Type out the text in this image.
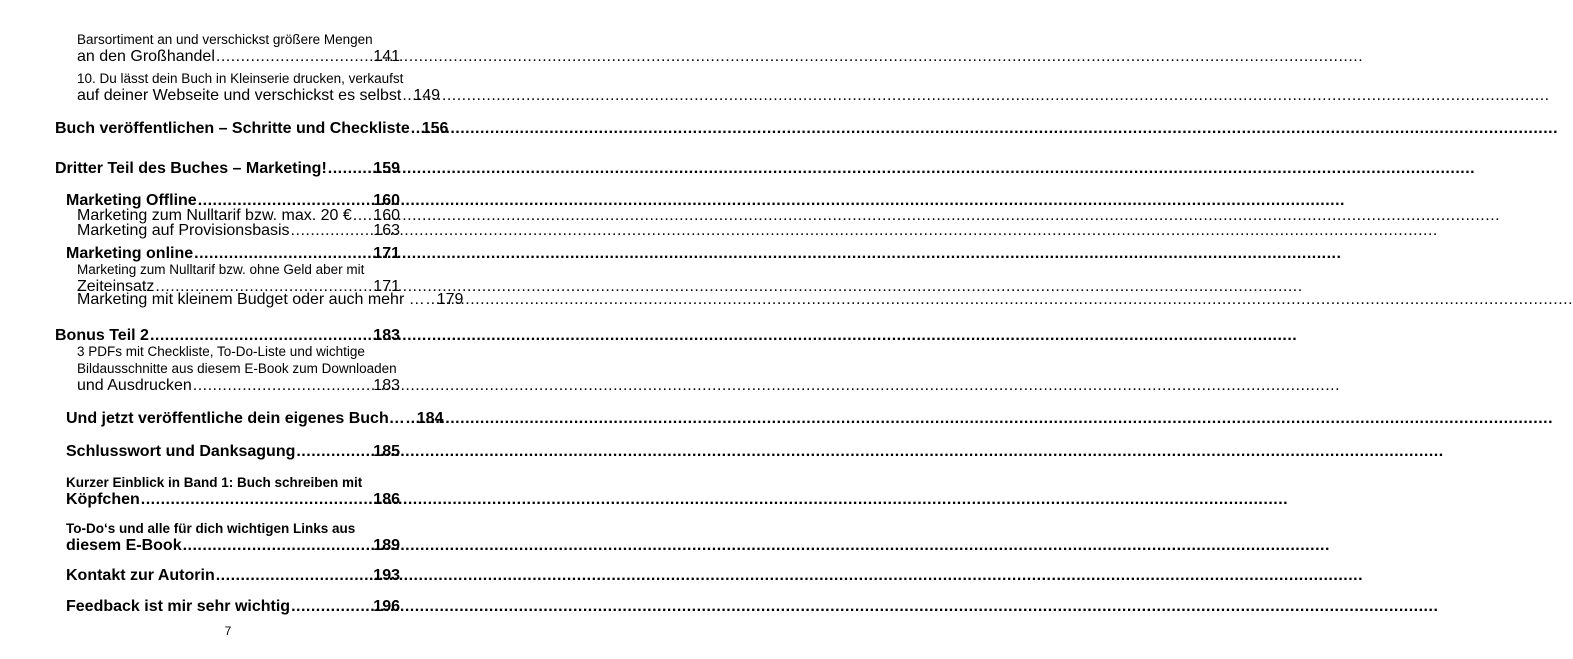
Barsortiment an und verschickst größere Mengen
an den Großhandel .....	141
10. Du lässt dein Buch in Kleinserie drucken, verkaufst
auf deiner Webseite und verschickst es selbst ..... 149
Buch veröffentlichen – Schritte und Checkliste ..... 156
Dritter Teil des Buches – Marketing! .....	159
Marketing Offline .....	160
Marketing zum Nulltarif bzw. max. 20 € ..... 160
Marketing auf Provisionsbasis .....	163
Marketing online .....	171
Marketing zum Nulltarif bzw. ohne Geld aber mit
Zeiteinsatz .....	171
Marketing mit kleinem Budget oder auch mehr … ..... 179
Bonus Teil 2 .....	183
3 PDFs mit Checkliste, To-Do-Liste und wichtige
Bildausschnitte aus diesem E-Book zum Downloaden
und Ausdrucken .....	183
Und jetzt veröffentliche dein eigenes Buch… ..... 184
Schlusswort und Danksagung .....	185
Kurzer Einblick in Band 1: Buch schreiben mit
Köpfchen .....	186
To-Do‘s und alle für dich wichtigen Links aus
diesem E-Book .....	189
Kontakt zur Autorin .....	193
Feedback ist mir sehr wichtig .....	196
7
